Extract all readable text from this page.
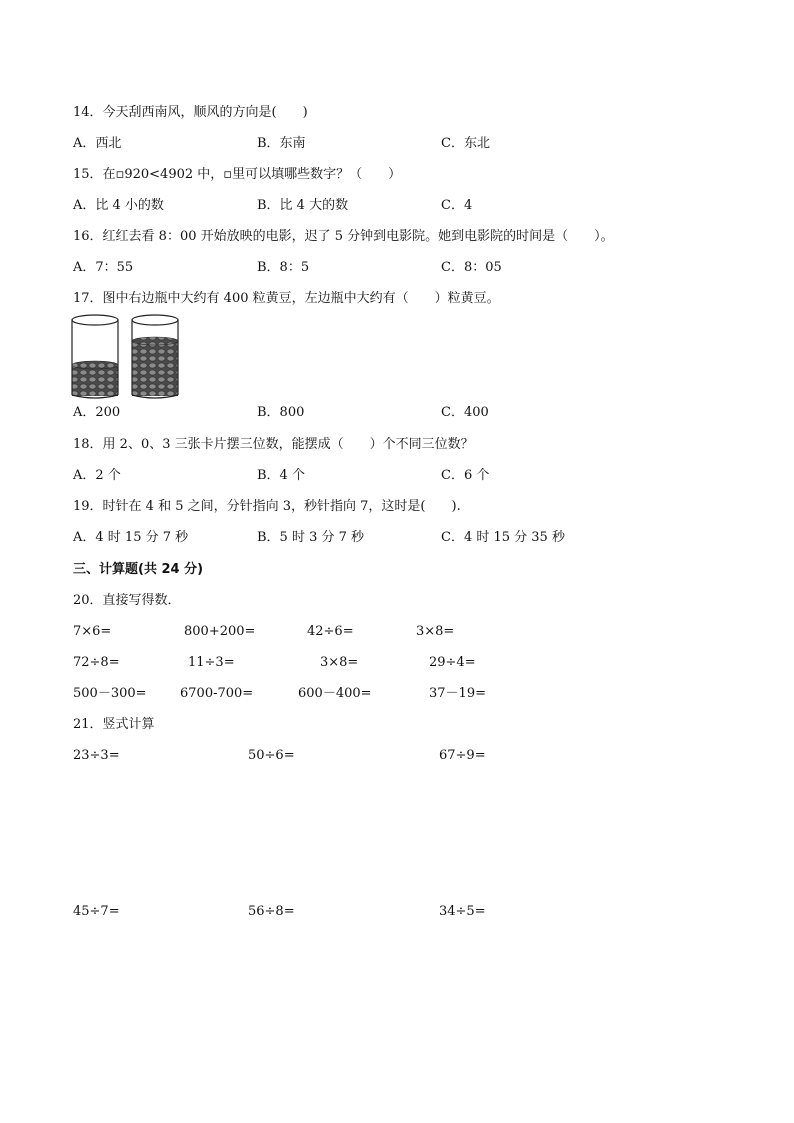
14．今天刮西南风，顺风的方向是(　　)
A．西北	B．东南	C．东北
15．在▫920<4902 中，▫里可以填哪些数字？（　　）
A．比 4 小的数	B．比 4 大的数	C．4
16．红红去看 8：00 开始放映的电影，迟了 5 分钟到电影院。她到电影院的时间是（　　）。
A．7：55	B．8：5	C．8：05
17．图中右边瓶中大约有 400 粒黄豆，左边瓶中大约有（　　）粒黄豆。
A．200	B．800	C．400
18．用 2、0、3 三张卡片摆三位数，能摆成（　　）个不同三位数？
A．2 个	B．4 个	C．6 个
19．时针在 4 和 5 之间，分针指向 3，秒针指向 7，这时是(　　).
A．4 时 15 分 7 秒	B．5 时 3 分 7 秒	C．4 时 15 分 35 秒
三、计算题(共 24 分)
20．直接写得数．
7×6=	800+200=	42÷6=	3×8=
72÷8=	11÷3=	3×8=	29÷4=
500－300=	6700-700=	600－400=	37－19=
21．竖式计算
23÷3=	50÷6=	67÷9=
45÷7=	56÷8=	34÷5=
